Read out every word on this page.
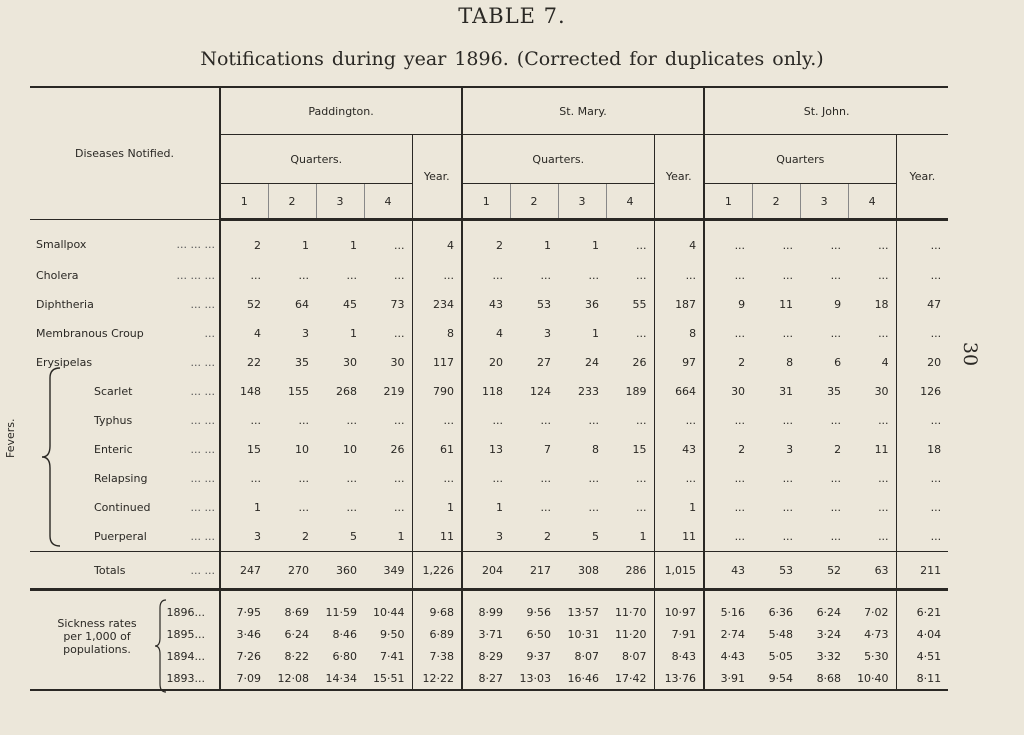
TABLE 7.
Notifications during year 1896. (Corrected for duplicates only.)
30
Diseases Notified.		Paddington.					St. Mary.					St. John.				
		Quarters.				Year.	Quarters.				Year.	Quarters				Year.
		1	2	3	4		1	2	3	4		1	2	3	4	
Smallpox ... ... ...		2	1	1	...	4	2	1	1	...	4	...	...	...	...	...
Cholera ... ... ...		...	...	...	...	...	...	...	...	...	...	...	...	...	...	...
Diphtheria ... ...		52	64	45	73	234	43	53	36	55	187	9	11	9	18	47
Membranous Croup ...		4	3	1	...	8	4	3	1	...	8	...	...	...	...	...
Erysipelas ... ...		22	35	30	30	117	20	27	24	26	97	2	8	6	4	20
Scarlet ... ...		148	155	268	219	790	118	124	233	189	664	30	31	35	30	126
Typhus ... ...		...	...	...	...	...	...	...	...	...	...	...	...	...	...	...
Enteric ... ...		15	10	10	26	61	13	7	8	15	43	2	3	2	11	18
Relapsing ... ...		...	...	...	...	...	...	...	...	...	...	...	...	...	...	...
Continued ... ...		1	...	...	...	1	1	...	...	...	1	...	...	...	...	...
Puerperal ... ...		3	2	5	1	11	3	2	5	1	11	...	...	...	...	...
Totals ... ...		247	270	360	349	1,226	204	217	308	286	1,015	43	53	52	63	211

Sickness rates
per 1,000 of
populations.	1896...	7·95	8·69	11·59	10·44	9·68	8·99	9·56	13·57	11·70	10·97	5·16	6·36	6·24	7·02	6·21
	1895...	3·46	6·24	8·46	9·50	6·89	3·71	6·50	10·31	11·20	7·91	2·74	5·48	3·24	4·73	4·04
	1894...	7·26	8·22	6·80	7·41	7·38	8·29	9·37	8·07	8·07	8·43	4·43	5·05	3·32	5·30	4·51
	1893...	7·09	12·08	14·34	15·51	12·22	8·27	13·03	16·46	17·42	13·76	3·91	9·54	8·68	10·40	8·11
Fevers.
